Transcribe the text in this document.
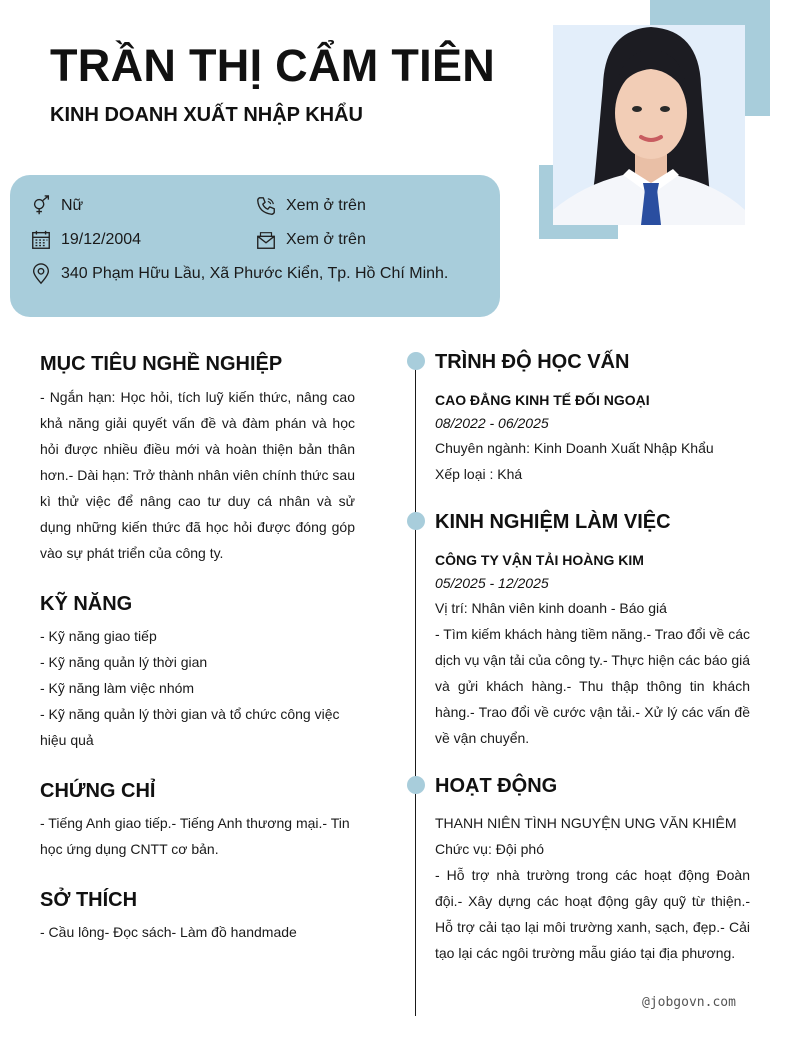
TRẦN THỊ CẨM TIÊN
KINH DOANH XUẤT NHẬP KHẨU
Nữ	Xem ở trên
19/12/2004	Xem ở trên
340 Phạm Hữu Lầu, Xã Phước Kiển, Tp. Hồ Chí Minh.
MỤC TIÊU NGHỀ NGHIỆP
- Ngắn hạn: Học hỏi, tích luỹ kiến thức, nâng cao khả năng giải quyết vấn đề và đàm phán và học hỏi được nhiều điều mới và hoàn thiện bản thân hơn.- Dài hạn: Trở thành nhân viên chính thức sau kì thử việc để nâng cao tư duy cá nhân và sử dụng những kiến thức đã học hỏi được đóng góp vào sự phát triển của công ty.
KỸ NĂNG
- Kỹ năng giao tiếp
- Kỹ năng quản lý thời gian
- Kỹ năng làm việc nhóm
- Kỹ năng quản lý thời gian và tổ chức công việc hiệu quả
CHỨNG CHỈ
- Tiếng Anh giao tiếp.- Tiếng Anh thương mại.- Tin học ứng dụng CNTT cơ bản.
SỞ THÍCH
- Cầu lông- Đọc sách- Làm đồ handmade
TRÌNH ĐỘ HỌC VẤN
CAO ĐẲNG KINH TẾ ĐỐI NGOẠI
08/2022 - 06/2025
Chuyên ngành: Kinh Doanh Xuất Nhập Khẩu
Xếp loại : Khá
KINH NGHIỆM LÀM VIỆC
CÔNG TY VẬN TẢI HOÀNG KIM
05/2025 - 12/2025
Vị trí: Nhân viên kinh doanh - Báo giá
- Tìm kiếm khách hàng tiềm năng.- Trao đổi về các dịch vụ vận tải của công ty.- Thực hiện các báo giá và gửi khách hàng.- Thu thập thông tin khách hàng.- Trao đổi về cước vận tải.- Xử lý các vấn đề về vận chuyển.
HOẠT ĐỘNG
THANH NIÊN TÌNH NGUYỆN UNG VĂN KHIÊM
Chức vụ: Đội phó
- Hỗ trợ nhà trường trong các hoạt động Đoàn đội.- Xây dựng các hoạt động gây quỹ từ thiện.- Hỗ trợ cải tạo lại môi trường xanh, sạch, đẹp.- Cải tạo lại các ngôi trường mẫu giáo tại địa phương.
@jobgovn.com
